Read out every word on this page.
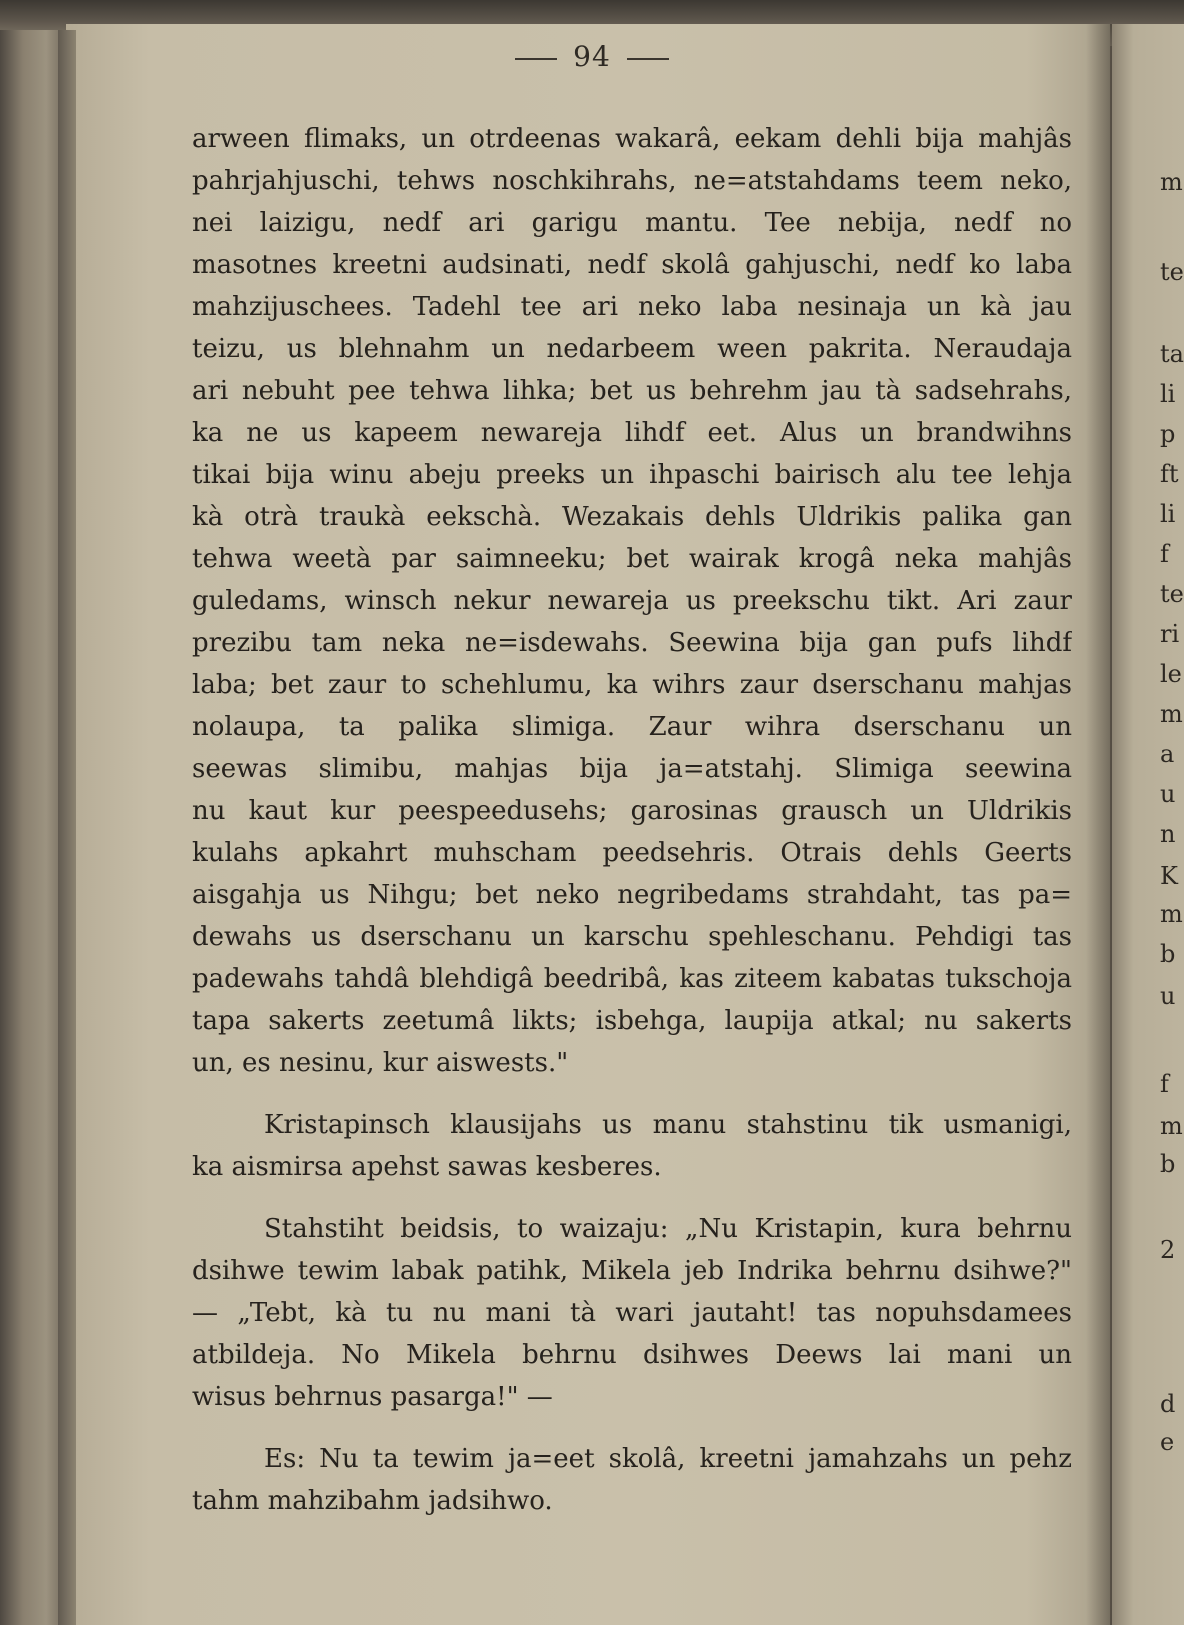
m
te
ta
li
p
ft
li
f
te
ri
le
m
a
u
n
K
m
b
u
f
m
b
2
d
e
94
arween flimaks, un otrdeenas wakarâ, eekam dehli bija mahjâs
pahrjahjuschi, tehws noschkihrahs, ne=atstahdams teem neko,
nei laizigu, nedf ari garigu mantu. Tee nebija, nedf no
masotnes kreetni audsinati, nedf skolâ gahjuschi, nedf ko laba
mahzijuschees. Tadehl tee ari neko laba nesinaja un kà jau
teizu, us blehnahm un nedarbeem ween pakrita. Neraudaja
ari nebuht pee tehwa lihka; bet us behrehm jau tà sadsehrahs,
ka ne us kapeem newareja lihdf eet. Alus un brandwihns
tikai bija winu abeju preeks un ihpaschi bairisch alu tee lehja
kà otrà traukà eekschà. Wezakais dehls Uldrikis palika gan
tehwa weetà par saimneeku; bet wairak krogâ neka mahjâs
guledams, winsch nekur newareja us preekschu tikt. Ari zaur
prezibu tam neka ne=isdewahs. Seewina bija gan pufs lihdf
laba; bet zaur to schehlumu, ka wihrs zaur dserschanu mahjas
nolaupa, ta palika slimiga. Zaur wihra dserschanu un
seewas slimibu, mahjas bija ja=atstahj. Slimiga seewina
nu kaut kur peespeedusehs; garosinas grausch un Uldrikis
kulahs apkahrt muhscham peedsehris. Otrais dehls Geerts
aisgahja us Nihgu; bet neko negribedams strahdaht, tas pa=
dewahs us dserschanu un karschu spehleschanu. Pehdigi tas
padewahs tahdâ blehdigâ beedribâ, kas ziteem kabatas tukschoja
tapa sakerts zeetumâ likts; isbehga, laupija atkal; nu sakerts
un, es nesinu, kur aiswests."
Kristapinsch klausijahs us manu stahstinu tik usmanigi,
ka aismirsa apehst sawas kesberes.
Stahstiht beidsis, to waizaju: „Nu Kristapin, kura behrnu
dsihwe tewim labak patihk, Mikela jeb Indrika behrnu dsihwe?"
— „Tebt, kà tu nu mani tà wari jautaht! tas nopuhsdamees
atbildeja. No Mikela behrnu dsihwes Deews lai mani un
wisus behrnus pasarga!" —
Es: Nu ta tewim ja=eet skolâ, kreetni jamahzahs un pehz
tahm mahzibahm jadsihwo.
